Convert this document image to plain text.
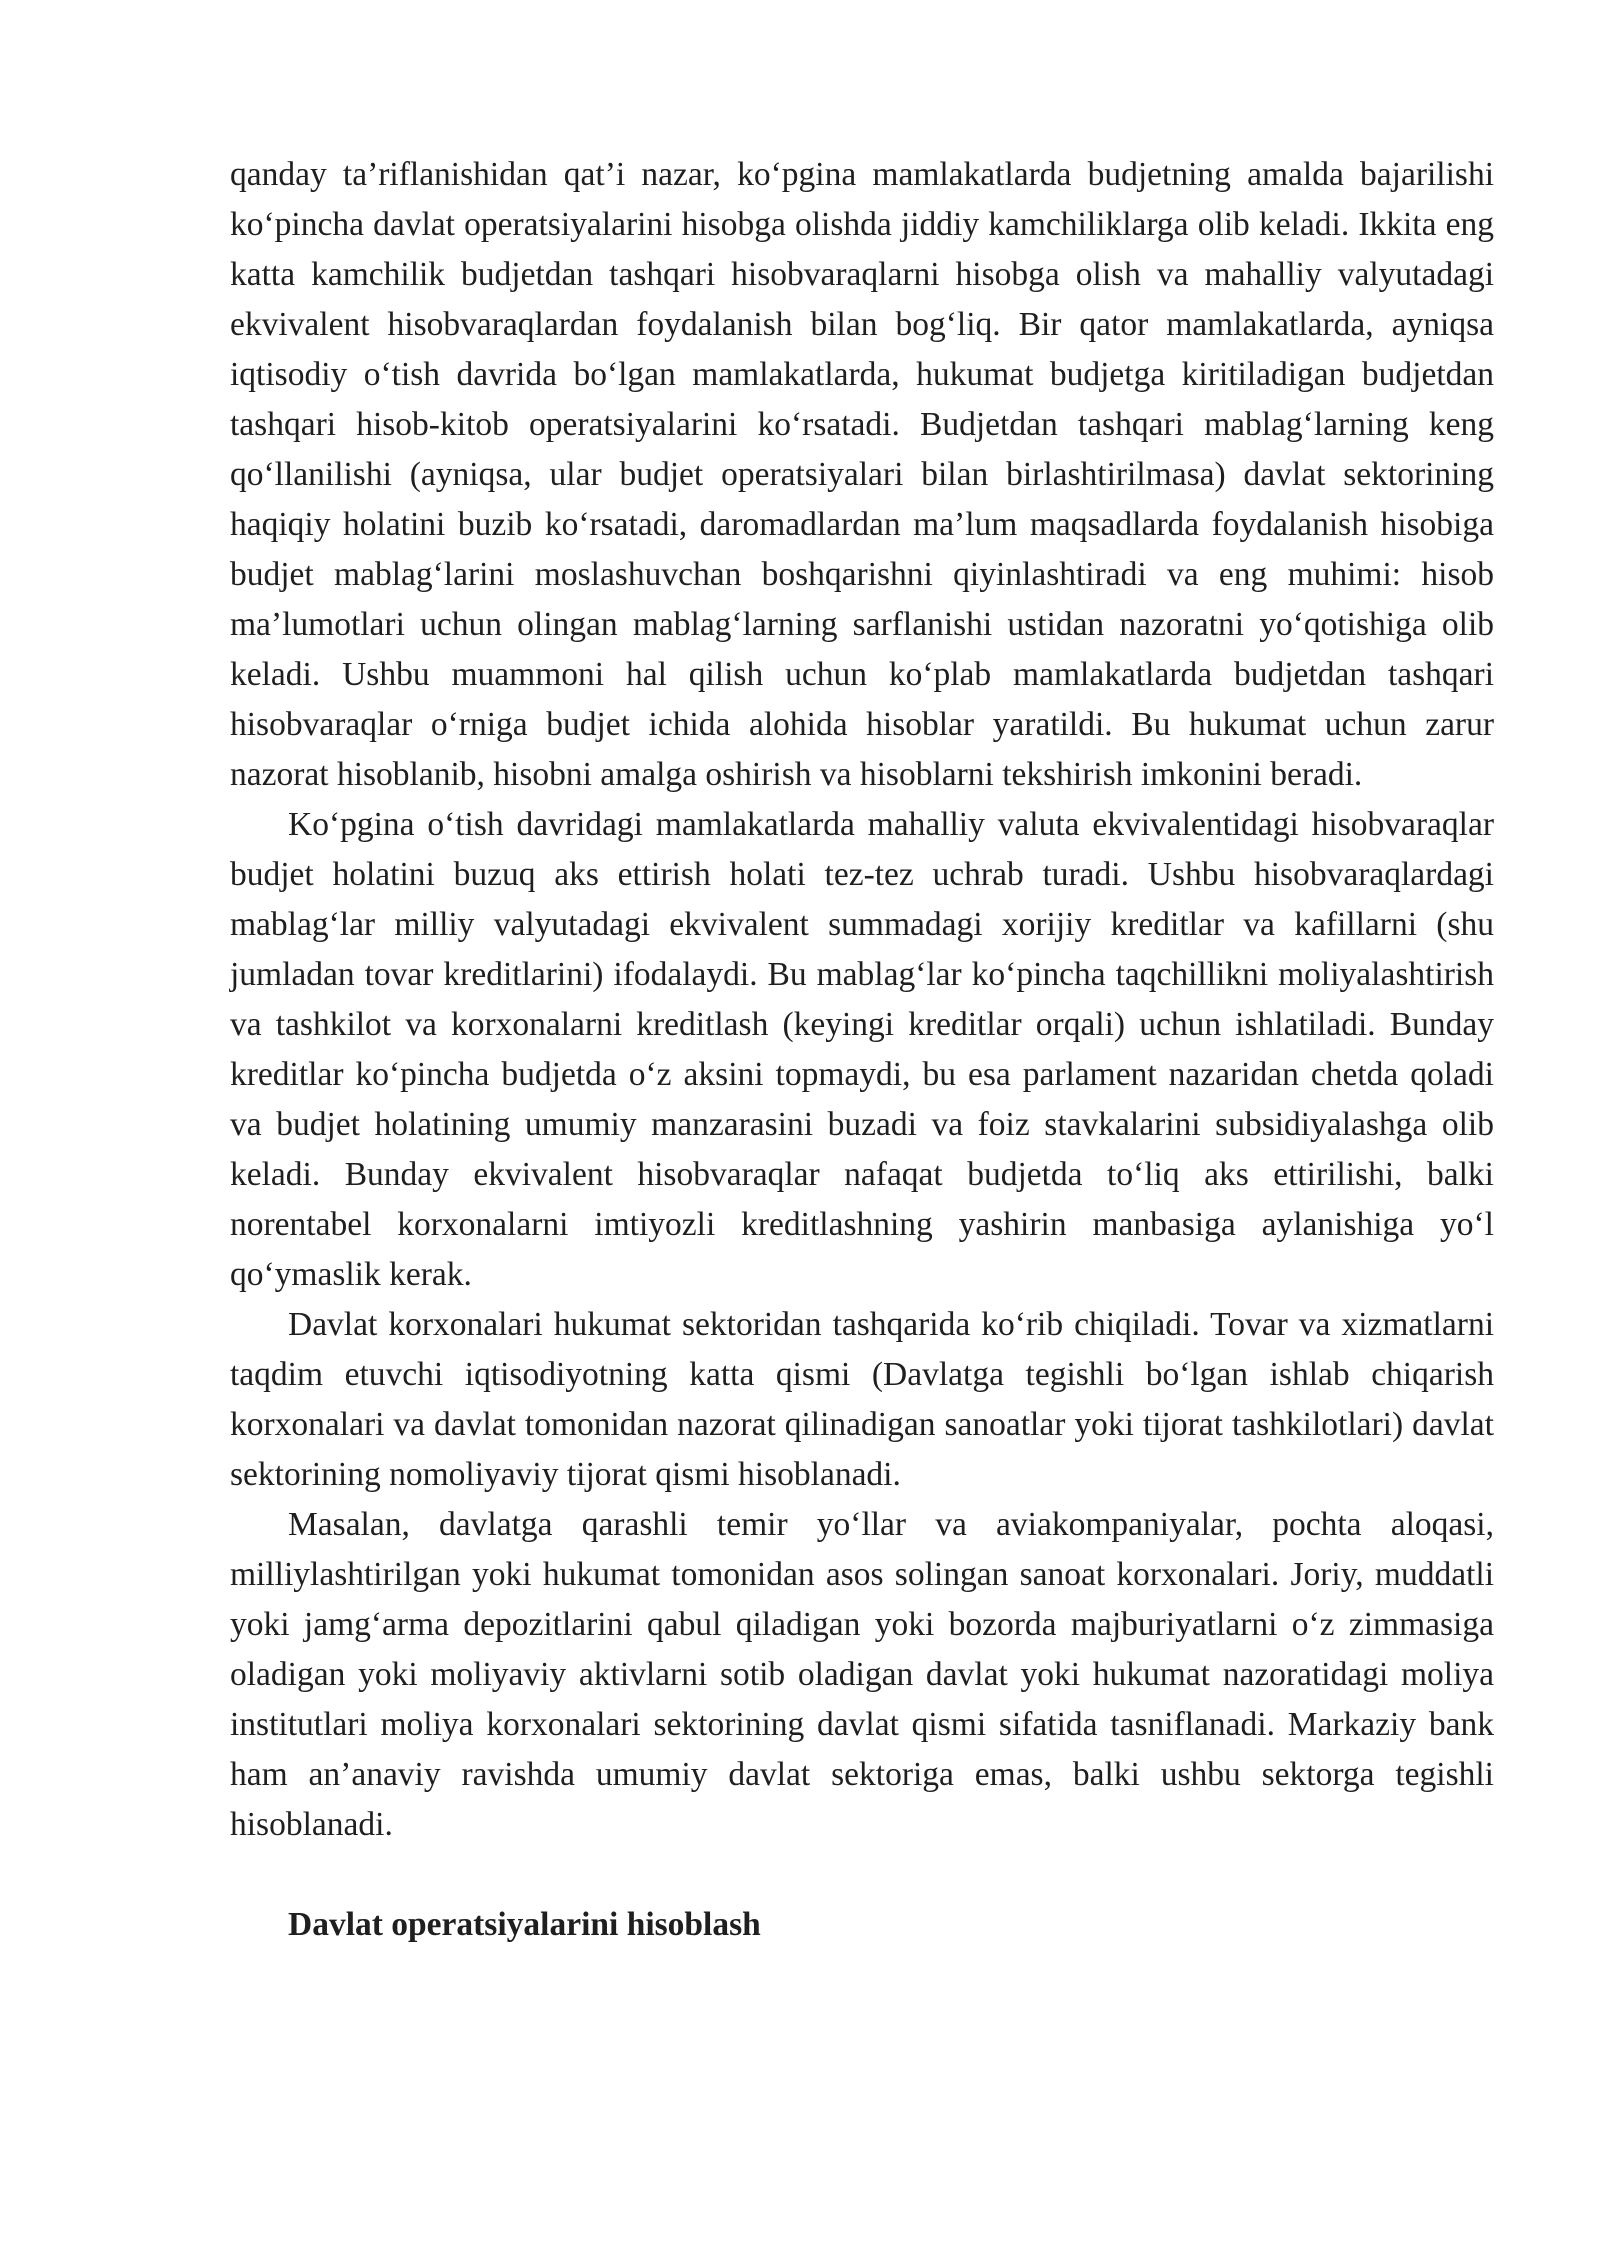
qanday ta’riflanishidan qat’i nazar, ko‘pgina mamlakatlarda budjetning amalda bajarilishi ko‘pincha davlat operatsiyalarini hisobga olishda jiddiy kamchiliklarga olib keladi. Ikkita eng katta kamchilik budjetdan tashqari hisobvaraqlarni hisobga olish va mahalliy valyutadagi ekvivalent hisobvaraqlardan foydalanish bilan bog‘liq. Bir qator mamlakatlarda, ayniqsa iqtisodiy o‘tish davrida bo‘lgan mamlakatlarda, hukumat budjetga kiritiladigan budjetdan tashqari hisob-kitob operatsiyalarini ko‘rsatadi. Budjetdan tashqari mablag‘larning keng qo‘llanilishi (ayniqsa, ular budjet operatsiyalari bilan birlashtirilmasa) davlat sektorining haqiqiy holatini buzib ko‘rsatadi, daromadlardan ma’lum maqsadlarda foydalanish hisobiga budjet mablag‘larini moslashuvchan boshqarishni qiyinlashtiradi va eng muhimi: hisob ma’lumotlari uchun olingan mablag‘larning sarflanishi ustidan nazoratni yo‘qotishiga olib keladi. Ushbu muammoni hal qilish uchun ko‘plab mamlakatlarda budjetdan tashqari hisobvaraqlar o‘rniga budjet ichida alohida hisoblar yaratildi. Bu hukumat uchun zarur nazorat hisoblanib, hisobni amalga oshirish va hisoblarni tekshirish imkonini beradi.

Ko‘pgina o‘tish davridagi mamlakatlarda mahalliy valuta ekvivalentidagi hisobvaraqlar budjet holatini buzuq aks ettirish holati tez-tez uchrab turadi. Ushbu hisobvaraqlardagi mablag‘lar milliy valyutadagi ekvivalent summadagi xorijiy kreditlar va kafillarni (shu jumladan tovar kreditlarini) ifodalaydi. Bu mablag‘lar ko‘pincha taqchillikni moliyalashtirish va tashkilot va korxonalarni kreditlash (keyingi kreditlar orqali) uchun ishlatiladi. Bunday kreditlar ko‘pincha budjetda o‘z aksini topmaydi, bu esa parlament nazaridan chetda qoladi va budjet holatining umumiy manzarasini buzadi va foiz stavkalarini subsidiyalashga olib keladi. Bunday ekvivalent hisobvaraqlar nafaqat budjetda to‘liq aks ettirilishi, balki norentabel korxonalarni imtiyozli kreditlashning yashirin manbasiga aylanishiga yo‘l qo‘ymaslik kerak.

Davlat korxonalari hukumat sektoridan tashqarida ko‘rib chiqiladi. Tovar va xizmatlarni taqdim etuvchi iqtisodiyotning katta qismi (Davlatga tegishli bo‘lgan ishlab chiqarish korxonalari va davlat tomonidan nazorat qilinadigan sanoatlar yoki tijorat tashkilotlari) davlat sektorining nomoliyaviy tijorat qismi hisoblanadi.

Masalan, davlatga qarashli temir yo‘llar va aviakompaniyalar, pochta aloqasi, milliylashtirilgan yoki hukumat tomonidan asos solingan sanoat korxonalari. Joriy, muddatli yoki jamg‘arma depozitlarini qabul qiladigan yoki bozorda majburiyatlarni o‘z zimmasiga oladigan yoki moliyaviy aktivlarni sotib oladigan davlat yoki hukumat nazoratidagi moliya institutlari moliya korxonalari sektorining davlat qismi sifatida tasniflanadi. Markaziy bank ham an’anaviy ravishda umumiy davlat sektoriga emas, balki ushbu sektorga tegishli hisoblanadi.

Davlat operatsiyalarini hisoblash
